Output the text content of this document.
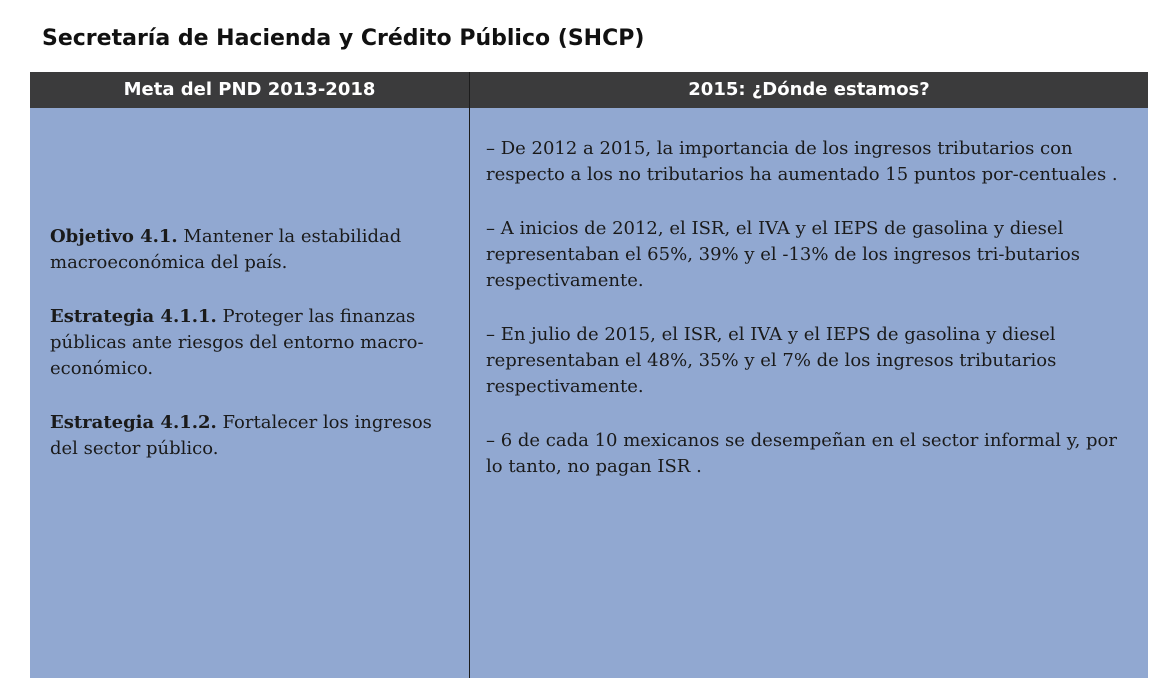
Secretaría de Hacienda y Crédito Público (SHCP)
Meta del PND 2013-2018	2015: ¿Dónde estamos?

Objetivo 4.1. Mantener la estabilidad macroeconómica del país.

Estrategia 4.1.1. Proteger las finanzas públicas ante riesgos del entorno macro-económico.

Estrategia 4.1.2. Fortalecer los ingresos del sector público.

– De 2012 a 2015, la importancia de los ingresos tributarios con respecto a los no tributarios ha aumentado 15 puntos por-centuales .

– A inicios de 2012, el ISR, el IVA y el IEPS de gasolina y diesel representaban el 65%, 39% y el -13% de los ingresos tri-butarios respectivamente.

– En julio de 2015, el ISR, el IVA y el IEPS de gasolina y diesel representaban el 48%, 35% y el 7% de los ingresos tributarios respectivamente.

– 6 de cada 10 mexicanos se desempeñan en el sector informal y, por lo tanto, no pagan ISR .
